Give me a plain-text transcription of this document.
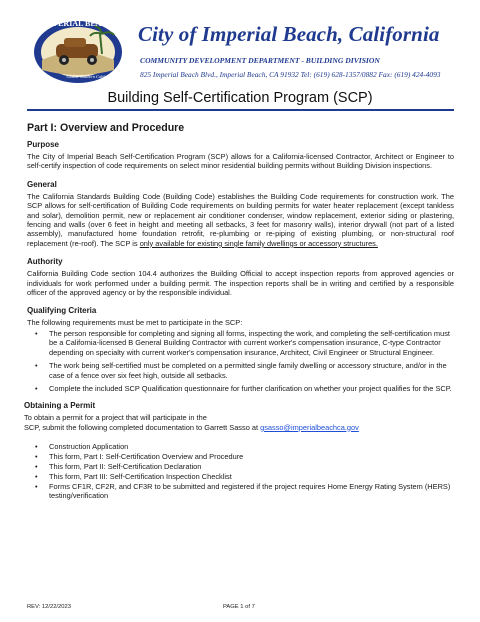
IMPERIAL BEACH
Classic Southern California
City of Imperial Beach, California
COMMUNITY DEVELOPMENT DEPARTMENT - BUILDING DIVISION
825 Imperial Beach Blvd., Imperial Beach, CA 91932 Tel: (619) 628-1357/0882 Fax: (619) 424-4093
Building Self-Certification Program (SCP)
Part I: Overview and Procedure
Purpose

The City of Imperial Beach Self-Certification Program (SCP) allows for a California-licensed Contractor, Architect or Engineer to self-certify inspection of code requirements on select minor residential building permits without Building Division inspections.

General

The California Standards Building Code (Building Code) establishes the Building Code requirements for construction work. The SCP allows for self-certification of Building Code requirements on building permits for water heater replacement (except tankless and solar), demolition permit, new or replacement air conditioner condenser, window replacement, exterior siding or plastering, fencing and walls (over 6 feet in height and meeting all setbacks, 3 feet for masonry walls), interior drywall (not part of a listed assembly), manufactured home foundation retrofit, re-plumbing or re-piping of existing plumbing, or non-structural roof replacement (re-roof). The SCP is only available for existing single family dwellings or accessory structures.

Authority

California Building Code section 104.4 authorizes the Building Official to accept inspection reports from approved agencies or individuals for work performed under a building permit. The inspection reports shall be in writing and certified by a responsible officer of the approved agency or by the responsible individual.

Qualifying Criteria

The following requirements must be met to participate in the SCP:

• The person responsible for completing and signing all forms, inspecting the work, and completing the self-certification must be a California-licensed B General Building Contractor with current worker's compensation insurance, C-type Contractor depending on specialty with current worker's compensation insurance, Architect, Civil Engineer or Structural Engineer.
• The work being self-certified must be completed on a permitted single family dwelling or accessory structure, and/or in the case of a fence over six feet high, outside all setbacks.
• Complete the included SCP Qualification questionnaire for further clarification on whether your project qualifies for the SCP.
Obtaining a Permit
To obtain a permit for a project that will participate in the
SCP, submit the following completed documentation to Garrett Sasso at gsasso@imperialbeachca.gov
• Construction Application
• This form, Part I: Self-Certification Overview and Procedure
• This form, Part II: Self-Certification Declaration
• This form, Part III: Self-Certification Inspection Checklist
• Forms CF1R, CF2R, and CF3R to be submitted and registered if the project requires Home Energy Rating System (HERS) testing/verification
REV: 12/22/2023	PAGE 1 of 7
